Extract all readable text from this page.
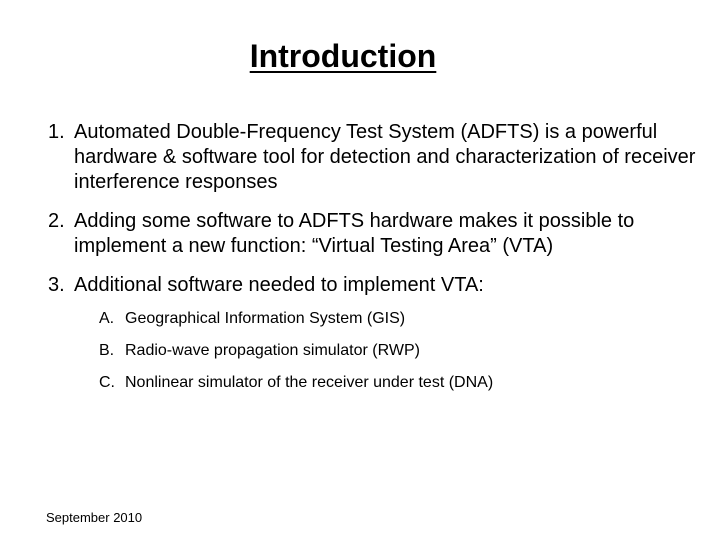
Introduction
1. Automated Double-Frequency Test System (ADFTS) is a powerful hardware & software tool for detection and characterization of receiver interference responses
2. Adding some software to ADFTS hardware makes it possible to implement a new function: “Virtual Testing Area” (VTA)
3. Additional software needed to implement VTA:
A. Geographical Information System (GIS)
B. Radio-wave propagation simulator (RWP)
C. Nonlinear simulator of the receiver under test (DNA)
September 2010
